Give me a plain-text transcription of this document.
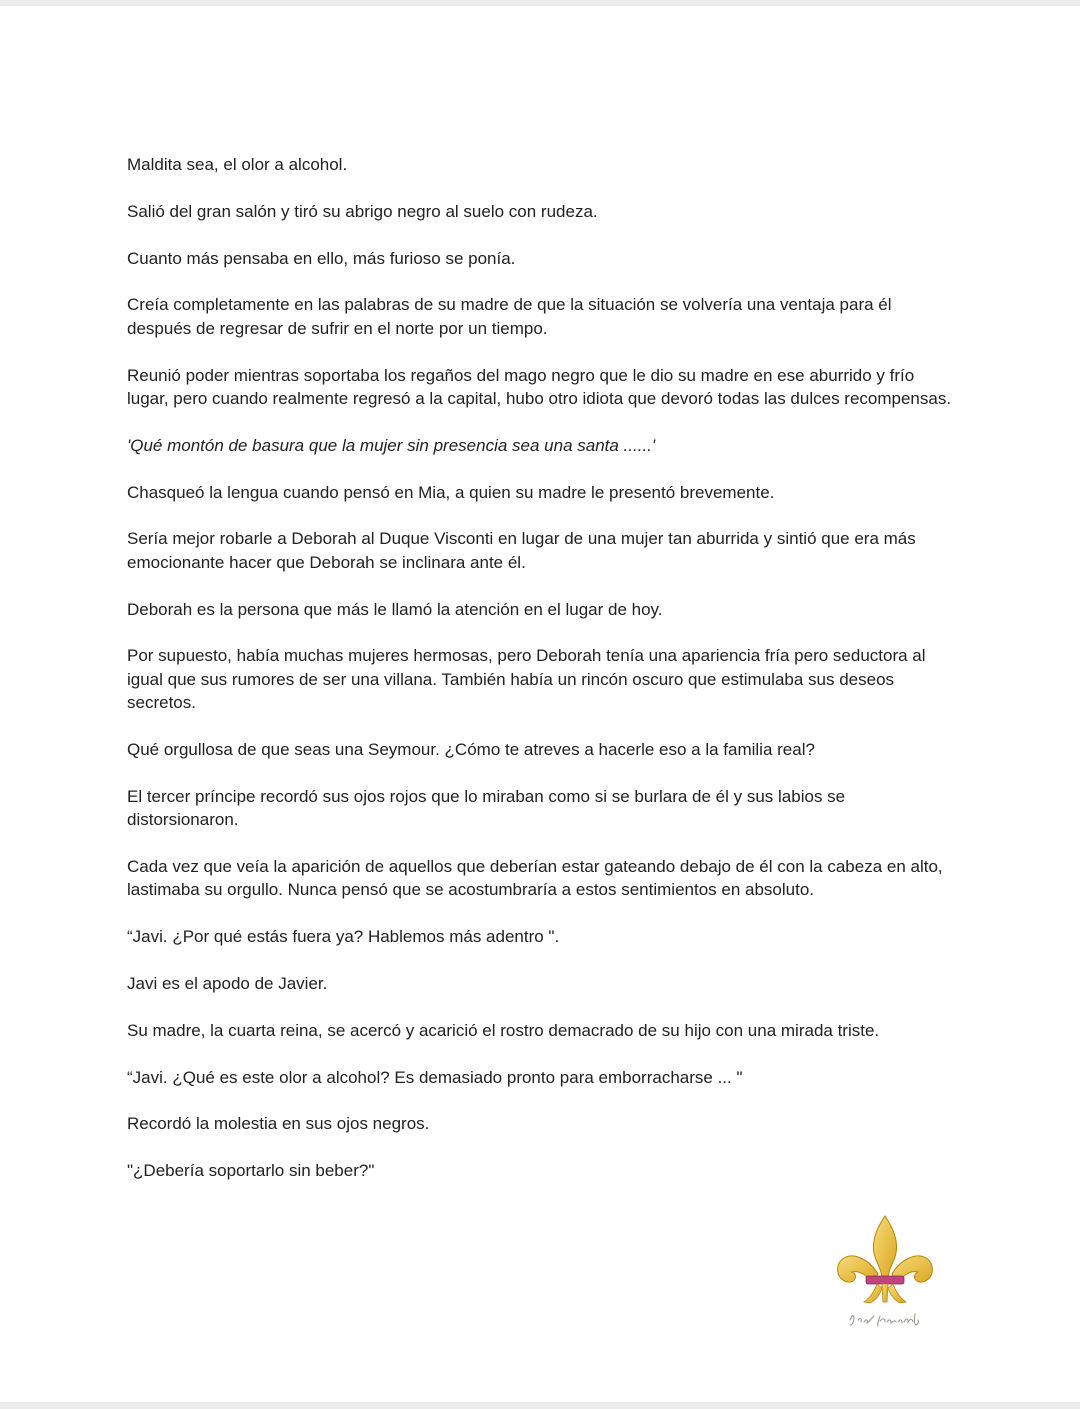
Maldita sea, el olor a alcohol.

Salió del gran salón y tiró su abrigo negro al suelo con rudeza.

Cuanto más pensaba en ello, más furioso se ponía.

Creía completamente en las palabras de su madre de que la situación se volvería una ventaja para él después de regresar de sufrir en el norte por un tiempo.

Reunió poder mientras soportaba los regaños del mago negro que le dio su madre en ese aburrido y frío lugar, pero cuando realmente regresó a la capital, hubo otro idiota que devoró todas las dulces recompensas.

'Qué montón de basura que la mujer sin presencia sea una santa ......'

Chasqueó la lengua cuando pensó en Mia, a quien su madre le presentó brevemente.

Sería mejor robarle a Deborah al Duque Visconti en lugar de una mujer tan aburrida y sintió que era más emocionante hacer que Deborah se inclinara ante él.

Deborah es la persona que más le llamó la atención en el lugar de hoy.

Por supuesto, había muchas mujeres hermosas, pero Deborah tenía una apariencia fría pero seductora al igual que sus rumores de ser una villana. También había un rincón oscuro que estimulaba sus deseos secretos.

Qué orgullosa de que seas una Seymour. ¿Cómo te atreves a hacerle eso a la familia real?

El tercer príncipe recordó sus ojos rojos que lo miraban como si se burlara de él y sus labios se distorsionaron.

Cada vez que veía la aparición de aquellos que deberían estar gateando debajo de él con la cabeza en alto, lastimaba su orgullo. Nunca pensó que se acostumbraría a estos sentimientos en absoluto.

“Javi. ¿Por qué estás fuera ya? Hablemos más adentro ".

Javi es el apodo de Javier.

Su madre, la cuarta reina, se acercó y acarició el rostro demacrado de su hijo con una mirada triste.

“Javi. ¿Qué es este olor a alcohol? Es demasiado pronto para emborracharse ... "

Recordó la molestia en sus ojos negros.

"¿Debería soportarlo sin beber?"
